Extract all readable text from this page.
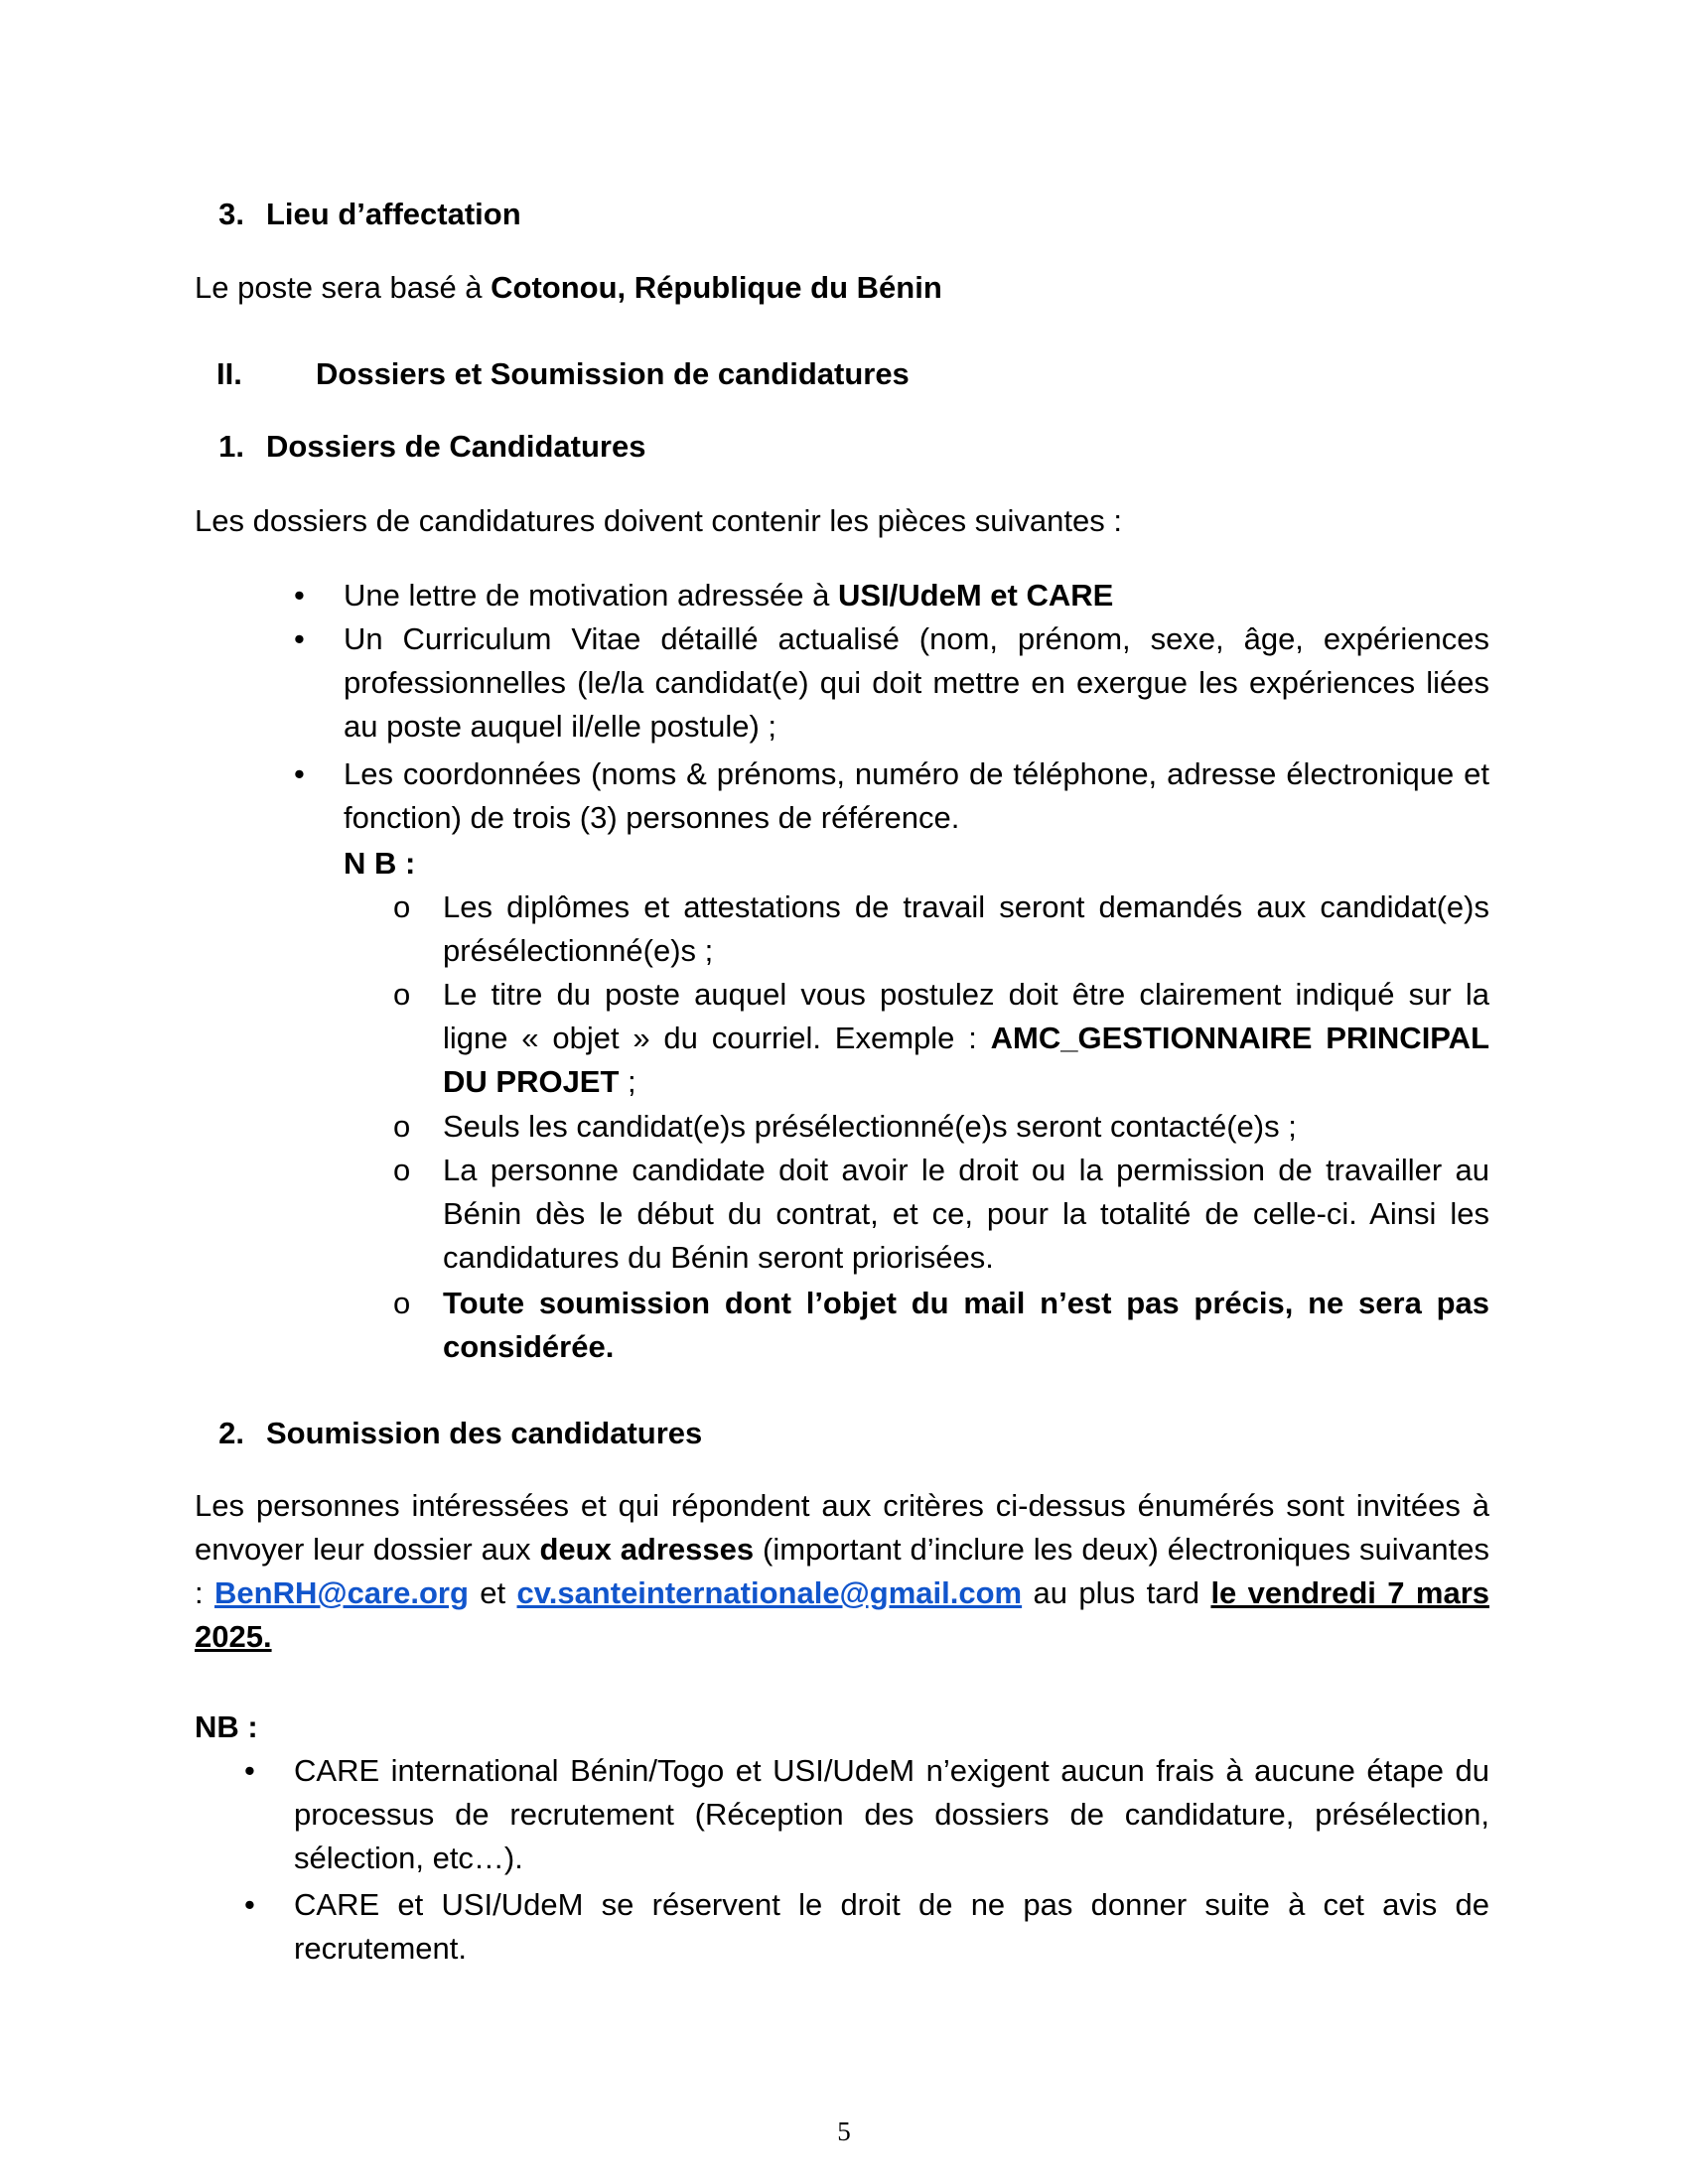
3. Lieu d’affectation
Le poste sera basé à Cotonou, République du Bénin
II. Dossiers et Soumission de candidatures
1. Dossiers de Candidatures
Les dossiers de candidatures doivent contenir les pièces suivantes :
• Une lettre de motivation adressée à USI/UdeM et CARE
• Un Curriculum Vitae détaillé actualisé (nom, prénom, sexe, âge, expériences professionnelles (le/la candidat(e) qui doit mettre en exergue les expériences liées au poste auquel il/elle postule) ;
• Les coordonnées (noms & prénoms, numéro de téléphone, adresse électronique et fonction) de trois (3) personnes de référence.
N B :
o Les diplômes et attestations de travail seront demandés aux candidat(e)s présélectionné(e)s ;
o Le titre du poste auquel vous postulez doit être clairement indiqué sur la ligne « objet » du courriel. Exemple : AMC_GESTIONNAIRE PRINCIPAL DU PROJET ;
o Seuls les candidat(e)s présélectionné(e)s seront contacté(e)s ;
o La personne candidate doit avoir le droit ou la permission de travailler au Bénin dès le début du contrat, et ce, pour la totalité de celle-ci. Ainsi les candidatures du Bénin seront priorisées.
o Toute soumission dont l’objet du mail n’est pas précis, ne sera pas considérée.
2. Soumission des candidatures
Les personnes intéressées et qui répondent aux critères ci-dessus énumérés sont invitées à envoyer leur dossier aux deux adresses (important d’inclure les deux) électroniques suivantes : BenRH@care.org et cv.santeinternationale@gmail.com au plus tard le vendredi 7 mars 2025.
NB :
• CARE international Bénin/Togo et USI/UdeM n’exigent aucun frais à aucune étape du processus de recrutement (Réception des dossiers de candidature, présélection, sélection, etc…).
• CARE et USI/UdeM se réservent le droit de ne pas donner suite à cet avis de recrutement.
5
